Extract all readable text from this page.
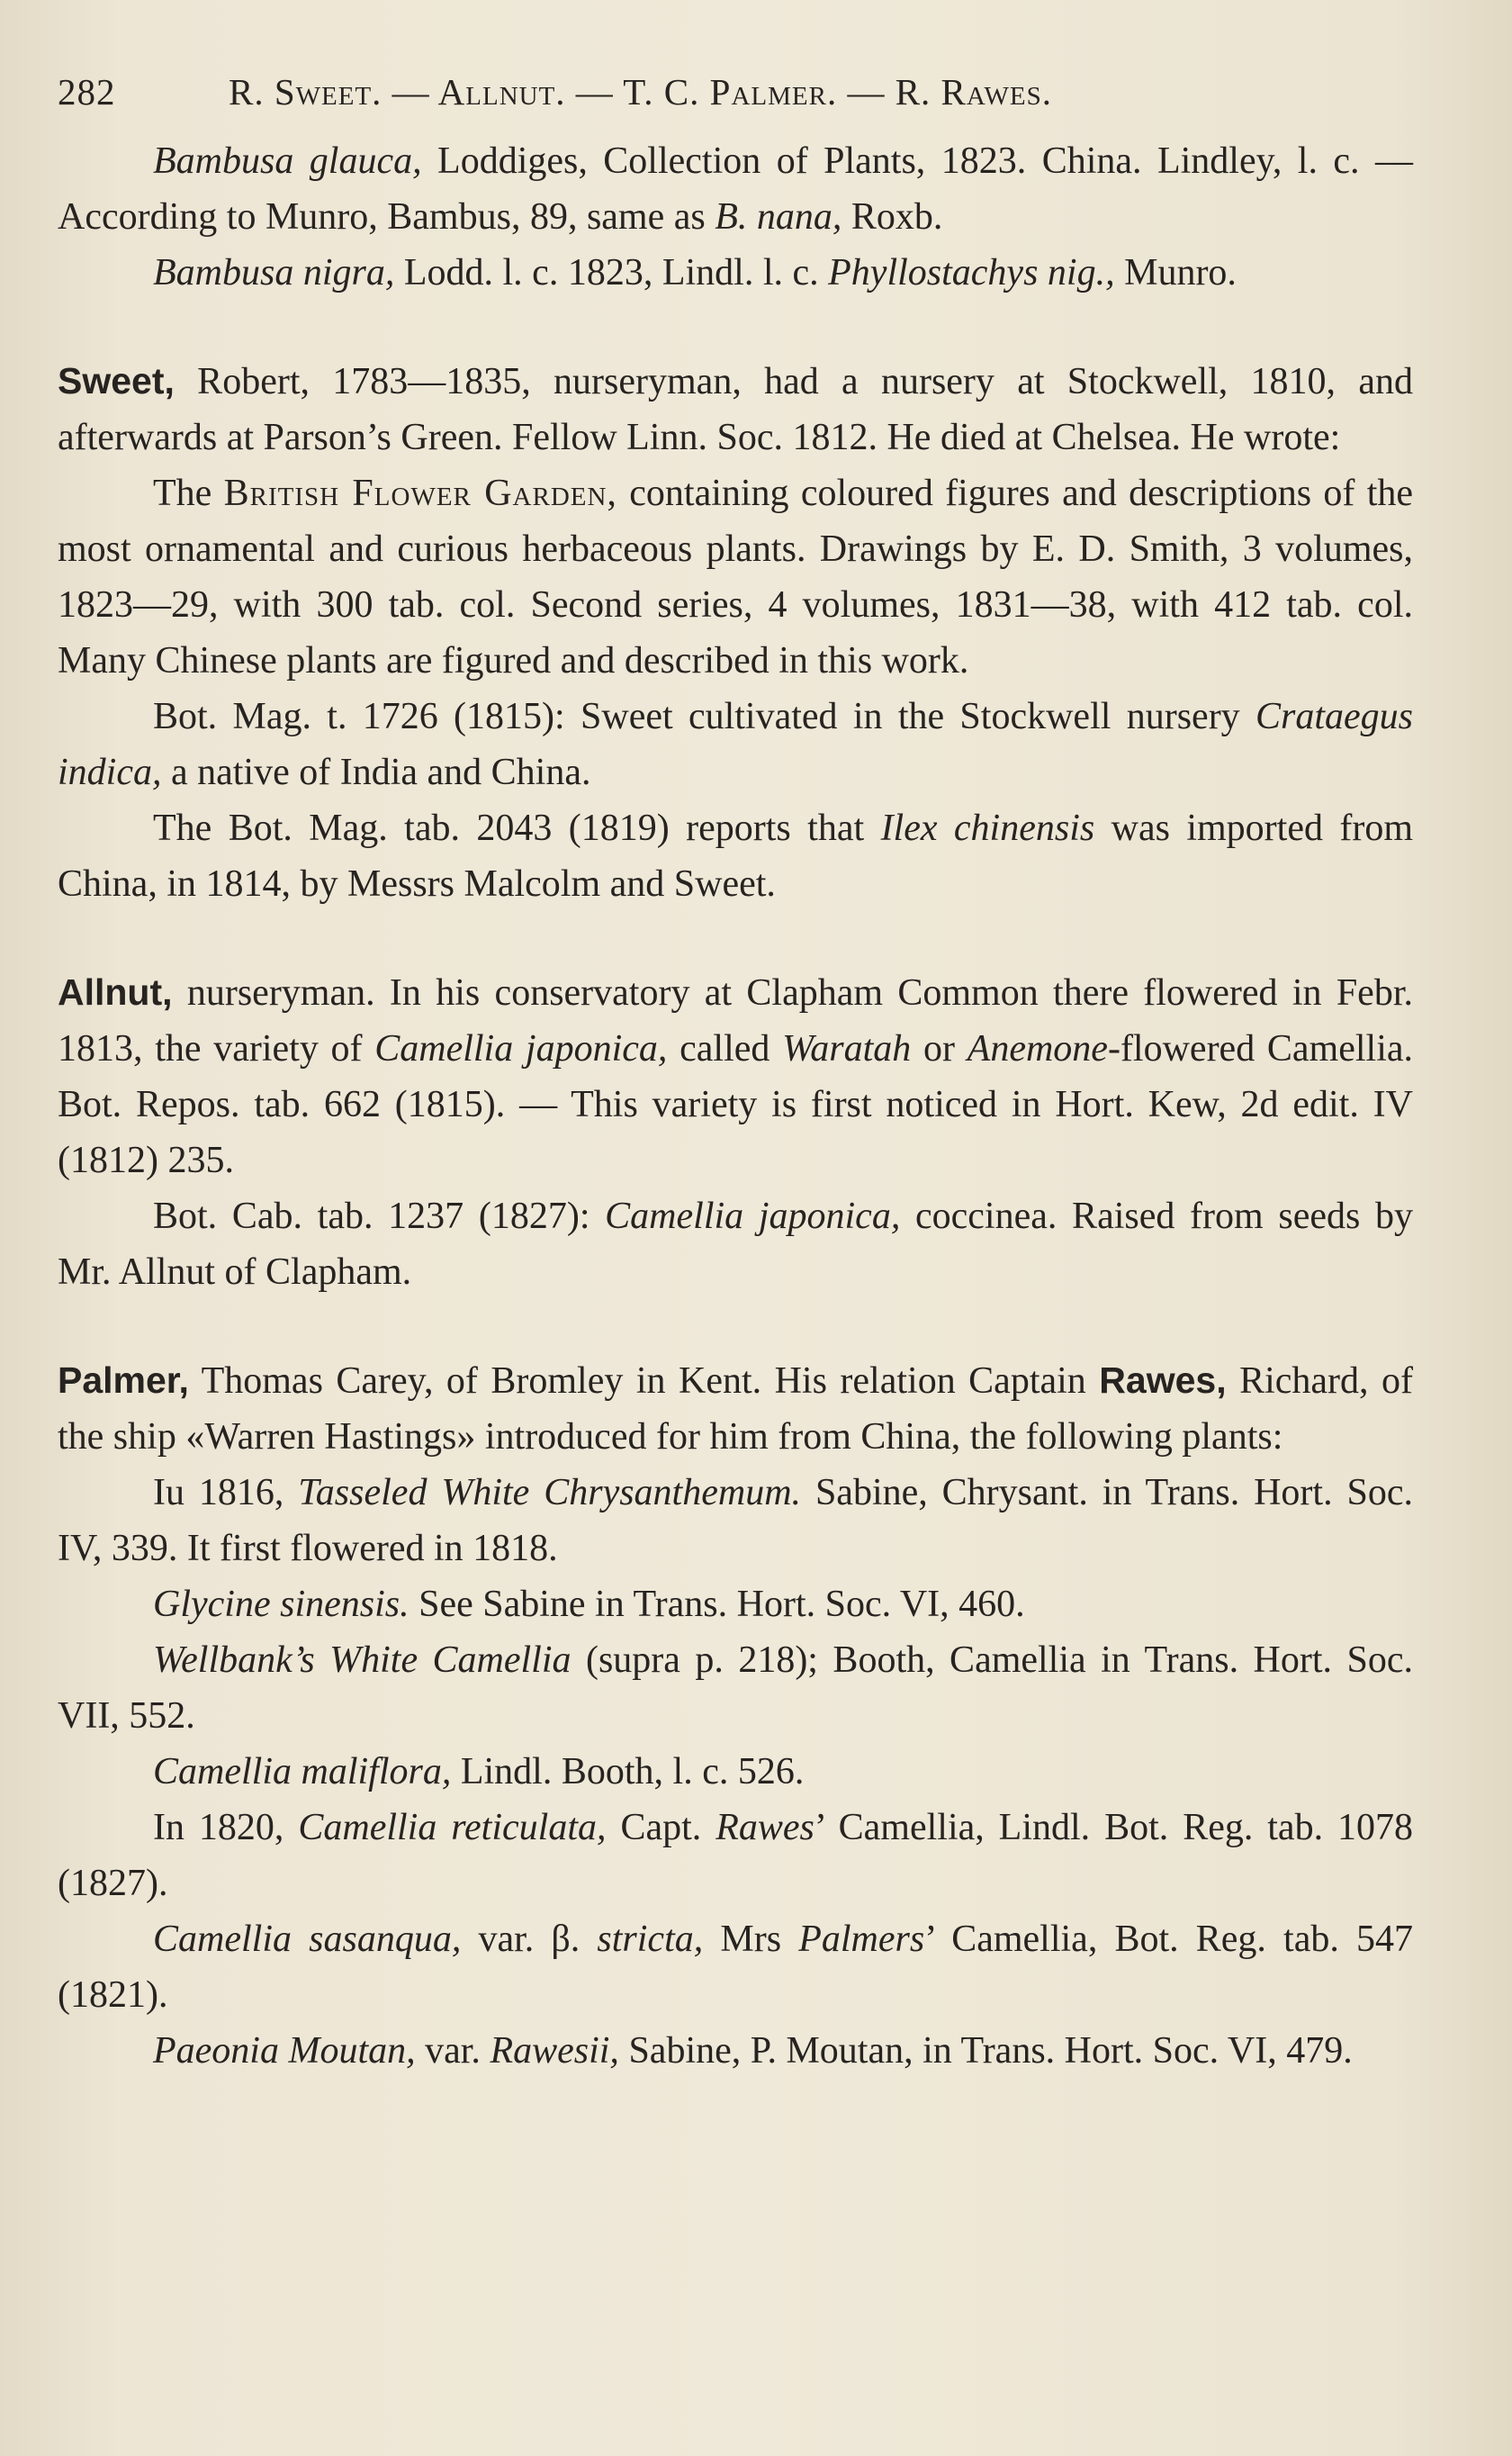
282	R. Sweet. — Allnut. — T. C. Palmer. — R. Rawes.

Bambusa glauca, Loddiges, Collection of Plants, 1823. China. Lindley, l. c. — According to Munro, Bambus, 89, same as B. nana, Roxb.

Bambusa nigra, Lodd. l. c. 1823, Lindl. l. c. Phyllostachys nig., Munro.

Sweet, Robert, 1783—1835, nurseryman, had a nursery at Stockwell, 1810, and afterwards at Parson’s Green. Fellow Linn. Soc. 1812. He died at Chelsea. He wrote:

The British Flower Garden, containing coloured figures and descriptions of the most ornamental and curious herbaceous plants. Drawings by E. D. Smith, 3 volumes, 1823—29, with 300 tab. col. Second series, 4 volumes, 1831—38, with 412 tab. col. Many Chinese plants are figured and described in this work.

Bot. Mag. t. 1726 (1815): Sweet cultivated in the Stockwell nursery Crataegus indica, a native of India and China.

The Bot. Mag. tab. 2043 (1819) reports that Ilex chinensis was imported from China, in 1814, by Messrs Malcolm and Sweet.

Allnut, nurseryman. In his conservatory at Clapham Common there flowered in Febr. 1813, the variety of Camellia japonica, called Waratah or Anemone-flowered Camellia. Bot. Repos. tab. 662 (1815). — This variety is first noticed in Hort. Kew, 2d edit. IV (1812) 235.

Bot. Cab. tab. 1237 (1827): Camellia japonica, coccinea. Raised from seeds by Mr. Allnut of Clapham.

Palmer, Thomas Carey, of Bromley in Kent. His relation Captain Rawes, Richard, of the ship «Warren Hastings» introduced for him from China, the following plants:

Iu 1816, Tasseled White Chrysanthemum. Sabine, Chrysant. in Trans. Hort. Soc. IV, 339. It first flowered in 1818.

Glycine sinensis. See Sabine in Trans. Hort. Soc. VI, 460.

Wellbank’s White Camellia (supra p. 218); Booth, Camellia in Trans. Hort. Soc. VII, 552.

Camellia maliflora, Lindl. Booth, l. c. 526.

In 1820, Camellia reticulata, Capt. Rawes’ Camellia, Lindl. Bot. Reg. tab. 1078 (1827).

Camellia sasanqua, var. β. stricta, Mrs Palmers’ Camellia, Bot. Reg. tab. 547 (1821).

Paeonia Moutan, var. Rawesii, Sabine, P. Moutan, in Trans. Hort. Soc. VI, 479.
